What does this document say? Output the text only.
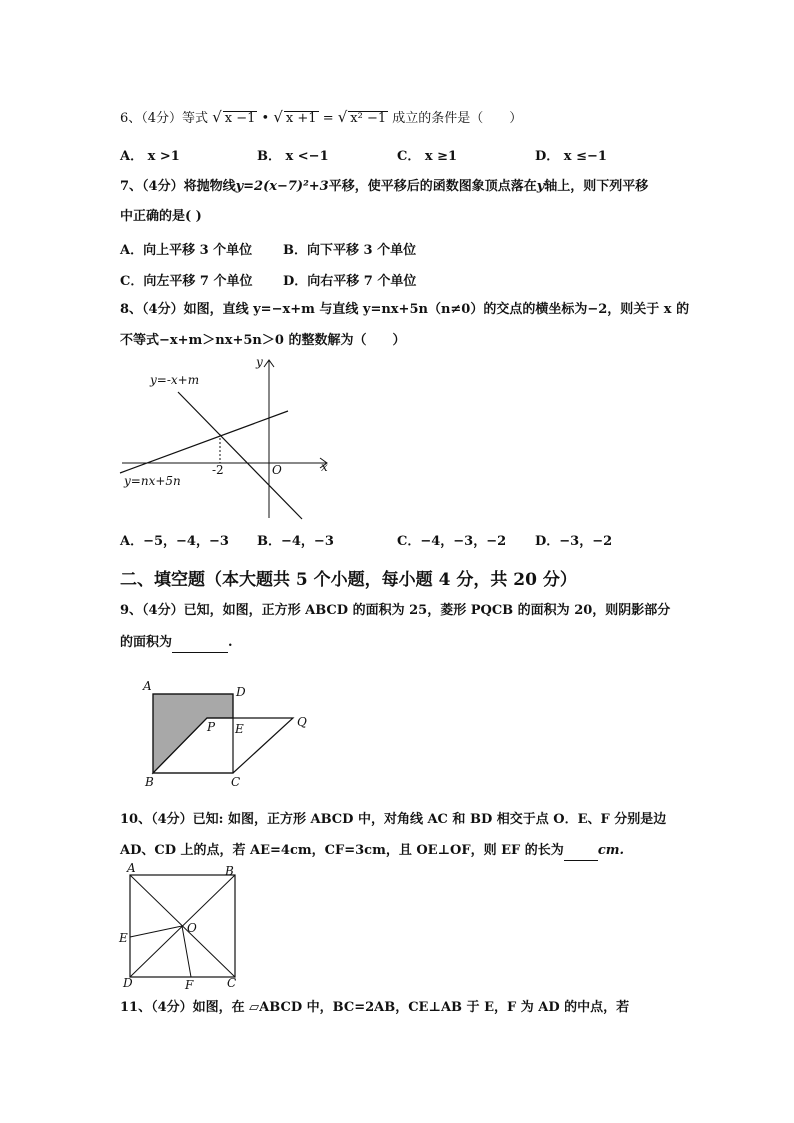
6、（4分）等式 √ x −1 • √ x +1 = √ x² −1 成立的条件是（　　）
A． x >1	B． x <−1	C． x ≥1	D． x ≤−1
7、（4分）将抛物线y=2(x−7)²+3平移，使平移后的函数图象顶点落在y轴上，则下列平移
中正确的是( )
A．向上平移 3 个单位 B．向下平移 3 个单位
C．向左平移 7 个单位 D．向右平移 7 个单位
8、（4分）如图，直线 y=−x+m 与直线 y=nx+5n（n≠0）的交点的横坐标为−2，则关于 x 的
不等式−x+m＞nx+5n＞0 的整数解为（　　）
y=-x+m
y=nx+5n
y
x
O
-2
A．−5，−4，−3 B．−4，−3	C．−4，−3，−2 D．−3，−2
二、填空题（本大题共 5 个小题，每小题 4 分，共 20 分）
9、（4分）已知，如图，正方形 ABCD 的面积为 25，菱形 PQCB 的面积为 20，则阴影部分
的面积为	.
A	D
P E	Q
B	C
10、（4分）已知: 如图，正方形 ABCD 中，对角线 AC 和 BD 相交于点 O．E、F 分别是边
AD、CD 上的点，若 AE=4cm，CF=3cm，且 OE⊥OF，则 EF 的长为	cm.
A	B
E
O
D	F	C
11、（4分）如图，在 ▱ABCD 中，BC=2AB，CE⊥AB 于 E，F 为 AD 的中点，若
